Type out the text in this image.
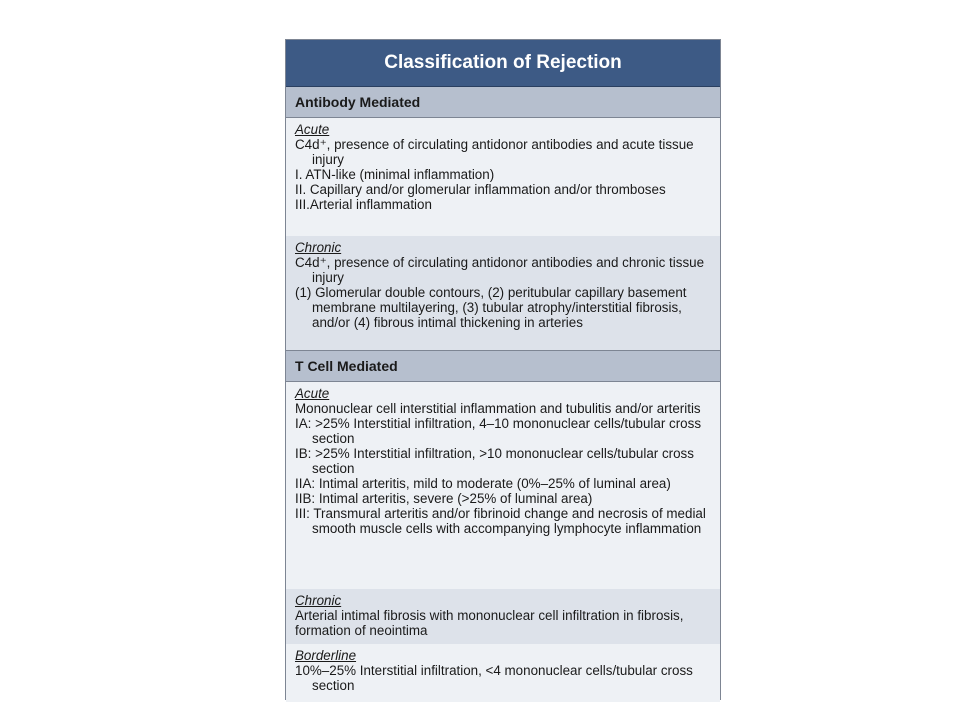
Classification of Rejection
Antibody Mediated
Acute
C4d⁺, presence of circulating antidonor antibodies and acute tissue injury
I. ATN-like (minimal inflammation)
II. Capillary and/or glomerular inflammation and/or thromboses
III.Arterial inflammation
Chronic
C4d⁺, presence of circulating antidonor antibodies and chronic tissue injury
(1) Glomerular double contours, (2) peritubular capillary basement membrane multilayering, (3) tubular atrophy/interstitial fibrosis, and/or (4) fibrous intimal thickening in arteries
T Cell Mediated
Acute
Mononuclear cell interstitial inflammation and tubulitis and/or arteritis
IA: >25% Interstitial infiltration, 4–10 mononuclear cells/tubular cross section
IB: >25% Interstitial infiltration, >10 mononuclear cells/tubular cross section
IIA: Intimal arteritis, mild to moderate (0%–25% of luminal area)
IIB: Intimal arteritis, severe (>25% of luminal area)
III: Transmural arteritis and/or fibrinoid change and necrosis of medial smooth muscle cells with accompanying lymphocyte inflammation
Chronic
Arterial intimal fibrosis with mononuclear cell infiltration in fibrosis, formation of neointima
Borderline
10%–25% Interstitial infiltration, <4 mononuclear cells/tubular cross section
